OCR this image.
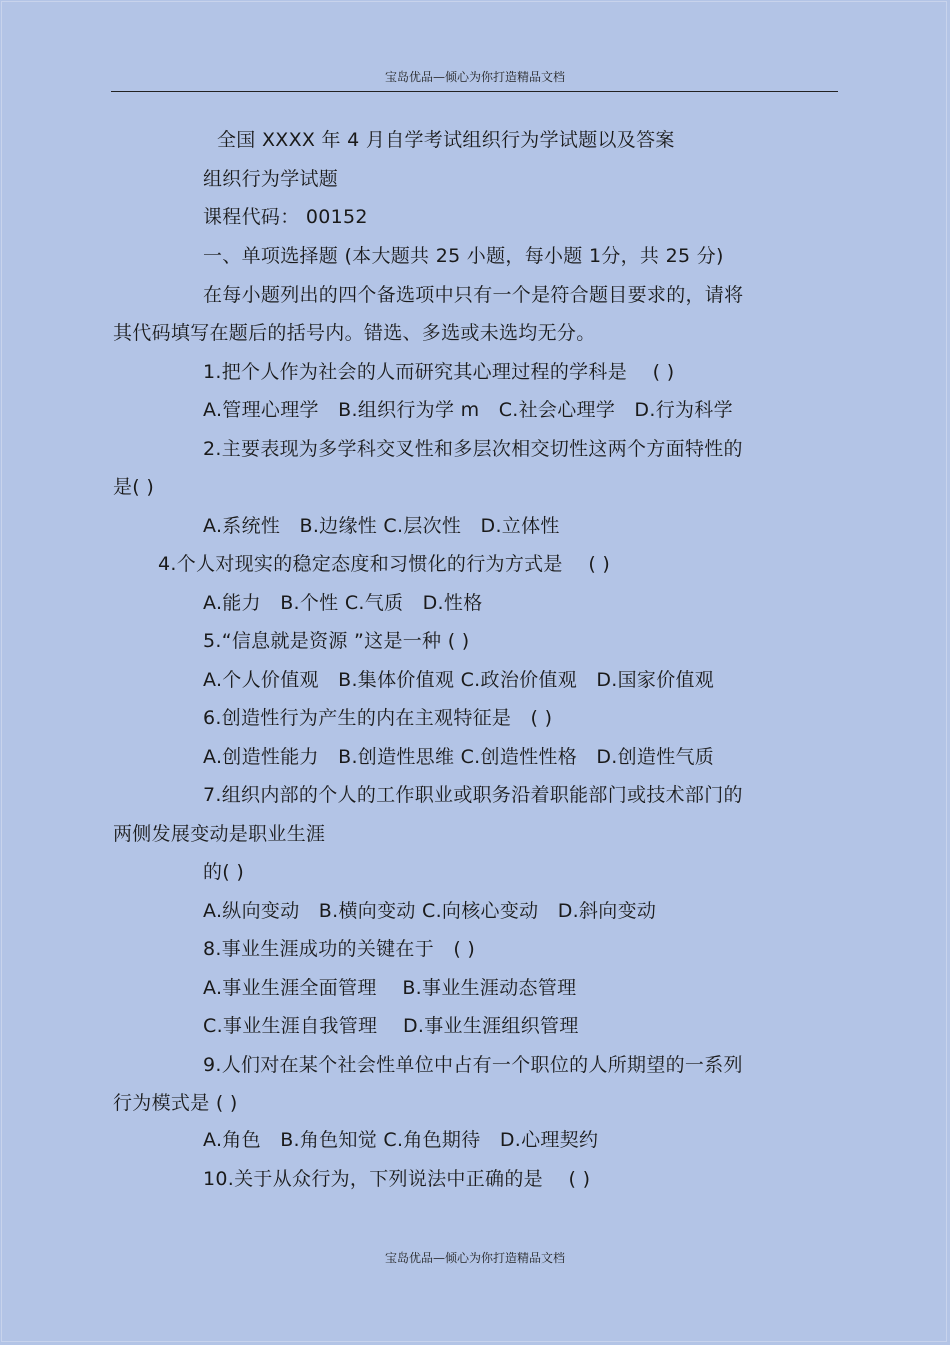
宝岛优品—倾心为你打造精品文档
全国 XXXX 年 4 月自学考试组织行为学试题以及答案
组织行为学试题
课程代码： 00152
一、单项选择题 (本大题共 25 小题，每小题 1分，共 25 分)
在每小题列出的四个备选项中只有一个是符合题目要求的，请将
其代码填写在题后的括号内。错选、多选或未选均无分。
1.把个人作为社会的人而研究其心理过程的学科是　 ( )
A.管理心理学　B.组织行为学 m　C.社会心理学　D.行为科学
2.主要表现为多学科交叉性和多层次相交切性这两个方面特性的
是( )
A.系统性　B.边缘性 C.层次性　D.立体性
4.个人对现实的稳定态度和习惯化的行为方式是　 ( )
A.能力　B.个性 C.气质　D.性格
5.“信息就是资源 ”这是一种 ( )
A.个人价值观　B.集体价值观 C.政治价值观　D.国家价值观
6.创造性行为产生的内在主观特征是　( )
A.创造性能力　B.创造性思维 C.创造性性格　D.创造性气质
7.组织内部的个人的工作职业或职务沿着职能部门或技术部门的
两侧发展变动是职业生涯
的( )
A.纵向变动　B.横向变动 C.向核心变动　D.斜向变动
8.事业生涯成功的关键在于　( )
A.事业生涯全面管理　 B.事业生涯动态管理
C.事业生涯自我管理　 D.事业生涯组织管理
9.人们对在某个社会性单位中占有一个职位的人所期望的一系列
行为模式是 ( )
A.角色　B.角色知觉 C.角色期待　D.心理契约
10.关于从众行为，下列说法中正确的是　 ( )
宝岛优品—倾心为你打造精品文档
